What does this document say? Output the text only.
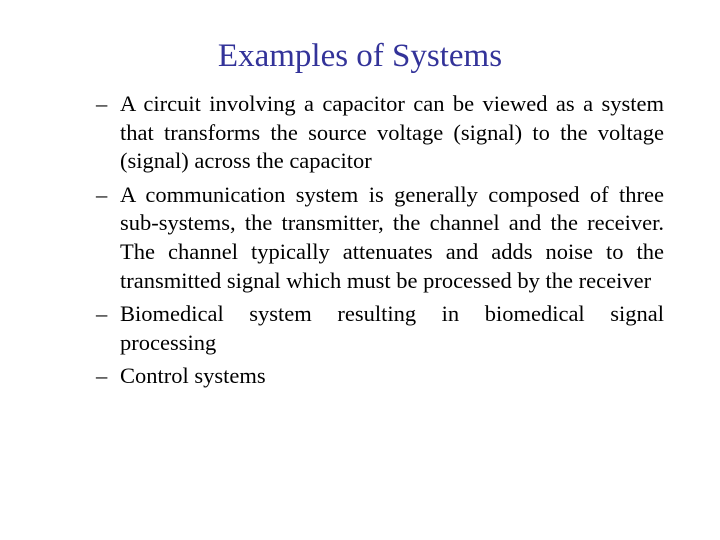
Examples of Systems
– A circuit involving a capacitor can be viewed as a system that transforms the source voltage (signal) to the voltage (signal) across the capacitor
– A communication system is generally composed of three sub-systems, the transmitter, the channel and the receiver. The channel typically attenuates and adds noise to the transmitted signal which must be processed by the receiver
– Biomedical system resulting in biomedical signal processing
– Control systems
